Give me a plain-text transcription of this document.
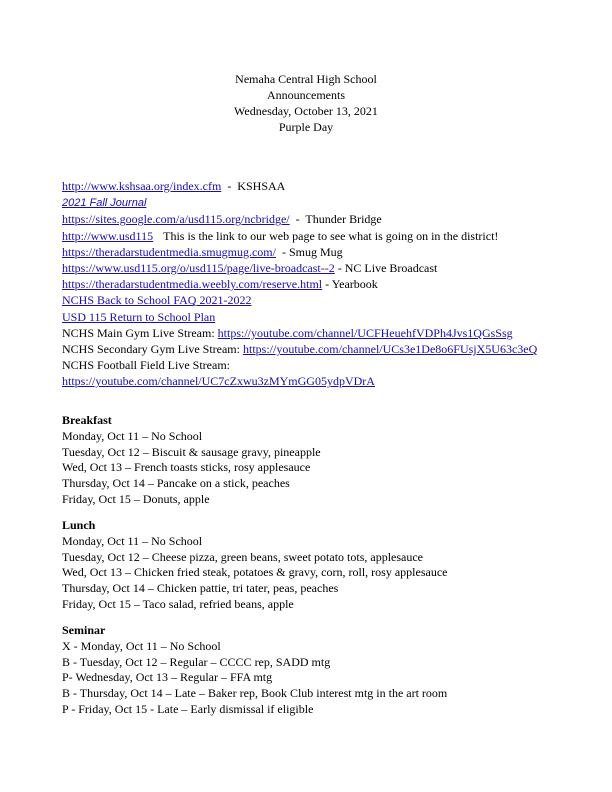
Nemaha Central High School
Announcements
Wednesday, October 13, 2021
Purple Day
http://www.kshsaa.org/index.cfm  -  KSHSAA
2021 Fall Journal
https://sites.google.com/a/usd115.org/ncbridge/  -  Thunder Bridge
http://www.usd115 This is the link to our web page to see what is going on in the district!
https://theradarstudentmedia.smugmug.com/  - Smug Mug
https://www.usd115.org/o/usd115/page/live-broadcast--2 - NC Live Broadcast
https://theradarstudentmedia.weebly.com/reserve.html - Yearbook
NCHS Back to School FAQ 2021-2022
USD 115 Return to School Plan
NCHS Main Gym Live Stream: https://youtube.com/channel/UCFHeuehfVDPh4Jvs1QGsSsg
NCHS Secondary Gym Live Stream: https://youtube.com/channel/UCs3e1De8o6FUsjX5U63c3eQ
NCHS Football Field Live Stream:
https://youtube.com/channel/UC7cZxwu3zMYmGG05ydpVDrA
Breakfast
Monday, Oct 11 – No School
Tuesday, Oct 12 – Biscuit & sausage gravy, pineapple
Wed, Oct 13 – French toasts sticks, rosy applesauce
Thursday, Oct 14 – Pancake on a stick, peaches
Friday, Oct 15 – Donuts, apple
Lunch
Monday, Oct 11 – No School
Tuesday, Oct 12 – Cheese pizza, green beans, sweet potato tots, applesauce
Wed, Oct 13 – Chicken fried steak, potatoes & gravy, corn, roll, rosy applesauce
Thursday, Oct 14 – Chicken pattie, tri tater, peas, peaches
Friday, Oct 15 – Taco salad, refried beans, apple
Seminar
X - Monday, Oct 11 – No School
B - Tuesday, Oct 12 – Regular – CCCC rep, SADD mtg
P- Wednesday, Oct 13 – Regular – FFA mtg
B - Thursday, Oct 14 – Late – Baker rep, Book Club interest mtg in the art room
P - Friday, Oct 15 - Late – Early dismissal if eligible
